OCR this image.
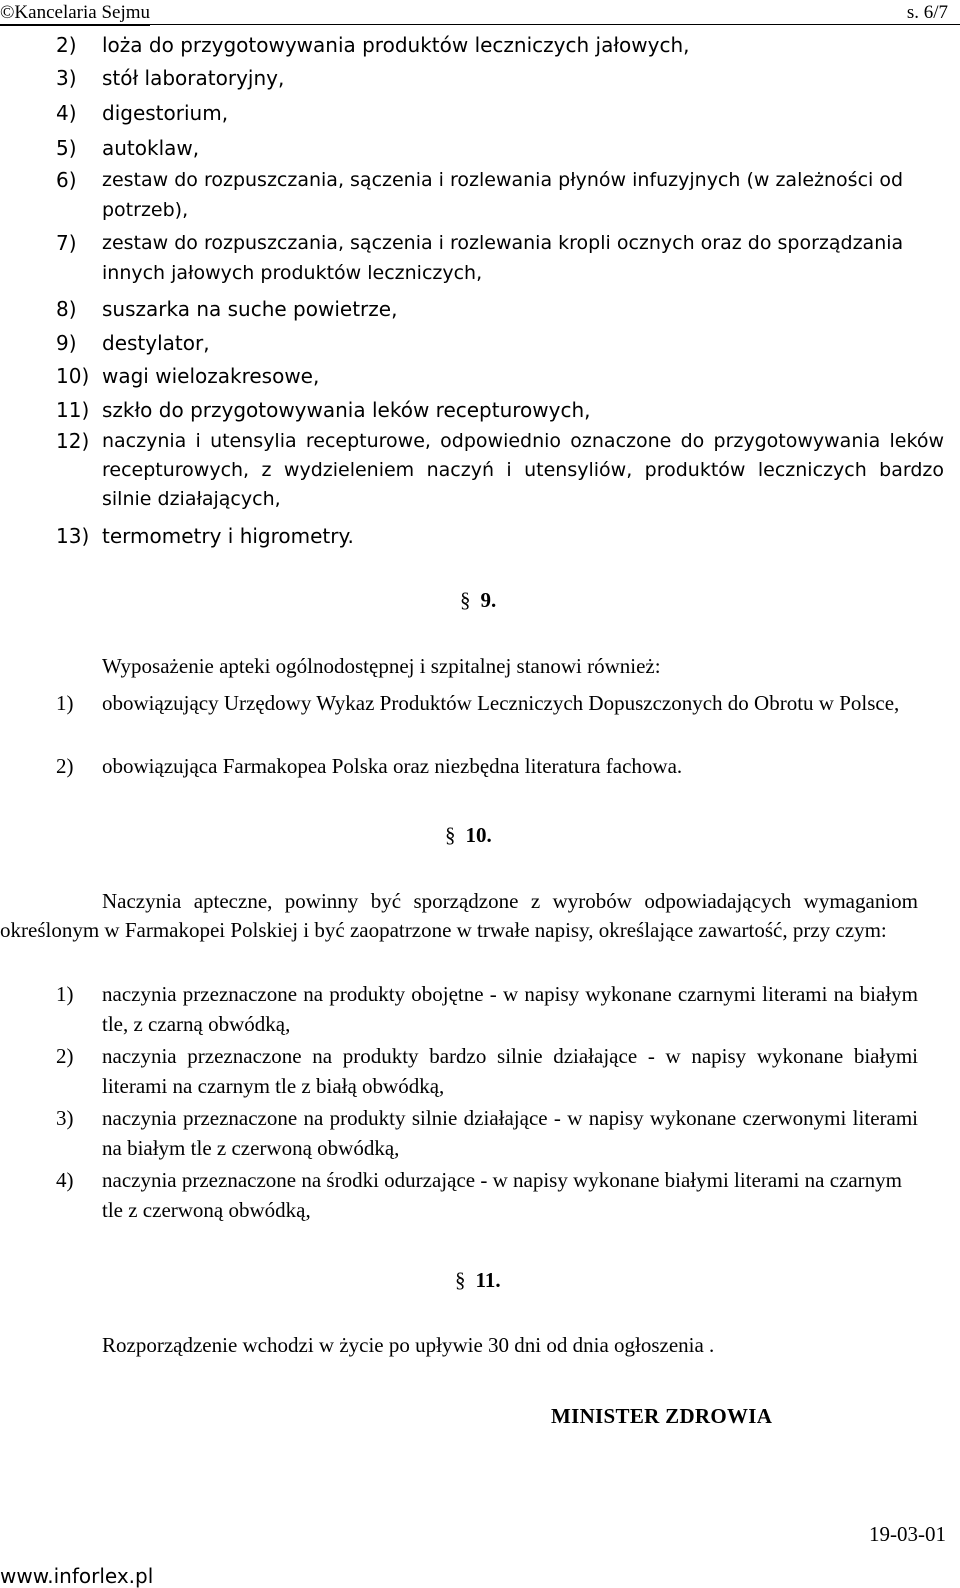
©Kancelaria Sejmu	s. 6/7
2) loża do przygotowywania produktów leczniczych jałowych,
3) stół laboratoryjny,
4) digestorium,
5) autoklaw,
6) zestaw do rozpuszczania, sączenia i rozlewania płynów infuzyjnych (w zależności od potrzeb),
7) zestaw do rozpuszczania, sączenia i rozlewania kropli ocznych oraz do sporządzania innych jałowych produktów leczniczych,
8) suszarka na suche powietrze,
9) destylator,
10) wagi wielozakresowe,
11) szkło do przygotowywania leków recepturowych,
12) naczynia i utensylia recepturowe, odpowiednio oznaczone do przygotowywania leków recepturowych, z wydzieleniem naczyń i utensyliów, produktów leczniczych bardzo silnie działających,
13) termometry i higrometry.
§ 9.
Wyposażenie apteki ogólnodostępnej i szpitalnej stanowi również:
1) obowiązujący Urzędowy Wykaz Produktów Leczniczych Dopuszczonych do Obrotu w Polsce,
2) obowiązująca Farmakopea Polska oraz niezbędna literatura fachowa.
§ 10.
Naczynia apteczne, powinny być sporządzone z wyrobów odpowiadających wymaganiom określonym w Farmakopei Polskiej i być zaopatrzone w trwałe napisy, określające zawartość, przy czym:
1) naczynia przeznaczone na produkty obojętne - w napisy wykonane czarnymi literami na białym tle, z czarną obwódką,
2) naczynia przeznaczone na produkty bardzo silnie działające - w napisy wykonane białymi literami na czarnym tle z białą obwódką,
3) naczynia przeznaczone na produkty silnie działające - w napisy wykonane czerwonymi literami na białym tle z czerwoną obwódką,
4) naczynia przeznaczone na środki odurzające - w napisy wykonane białymi literami na czarnym tle z czerwoną obwódką,
§ 11.
Rozporządzenie wchodzi w życie po upływie 30 dni od dnia ogłoszenia .
MINISTER ZDROWIA
19-03-01
www.inforlex.pl
